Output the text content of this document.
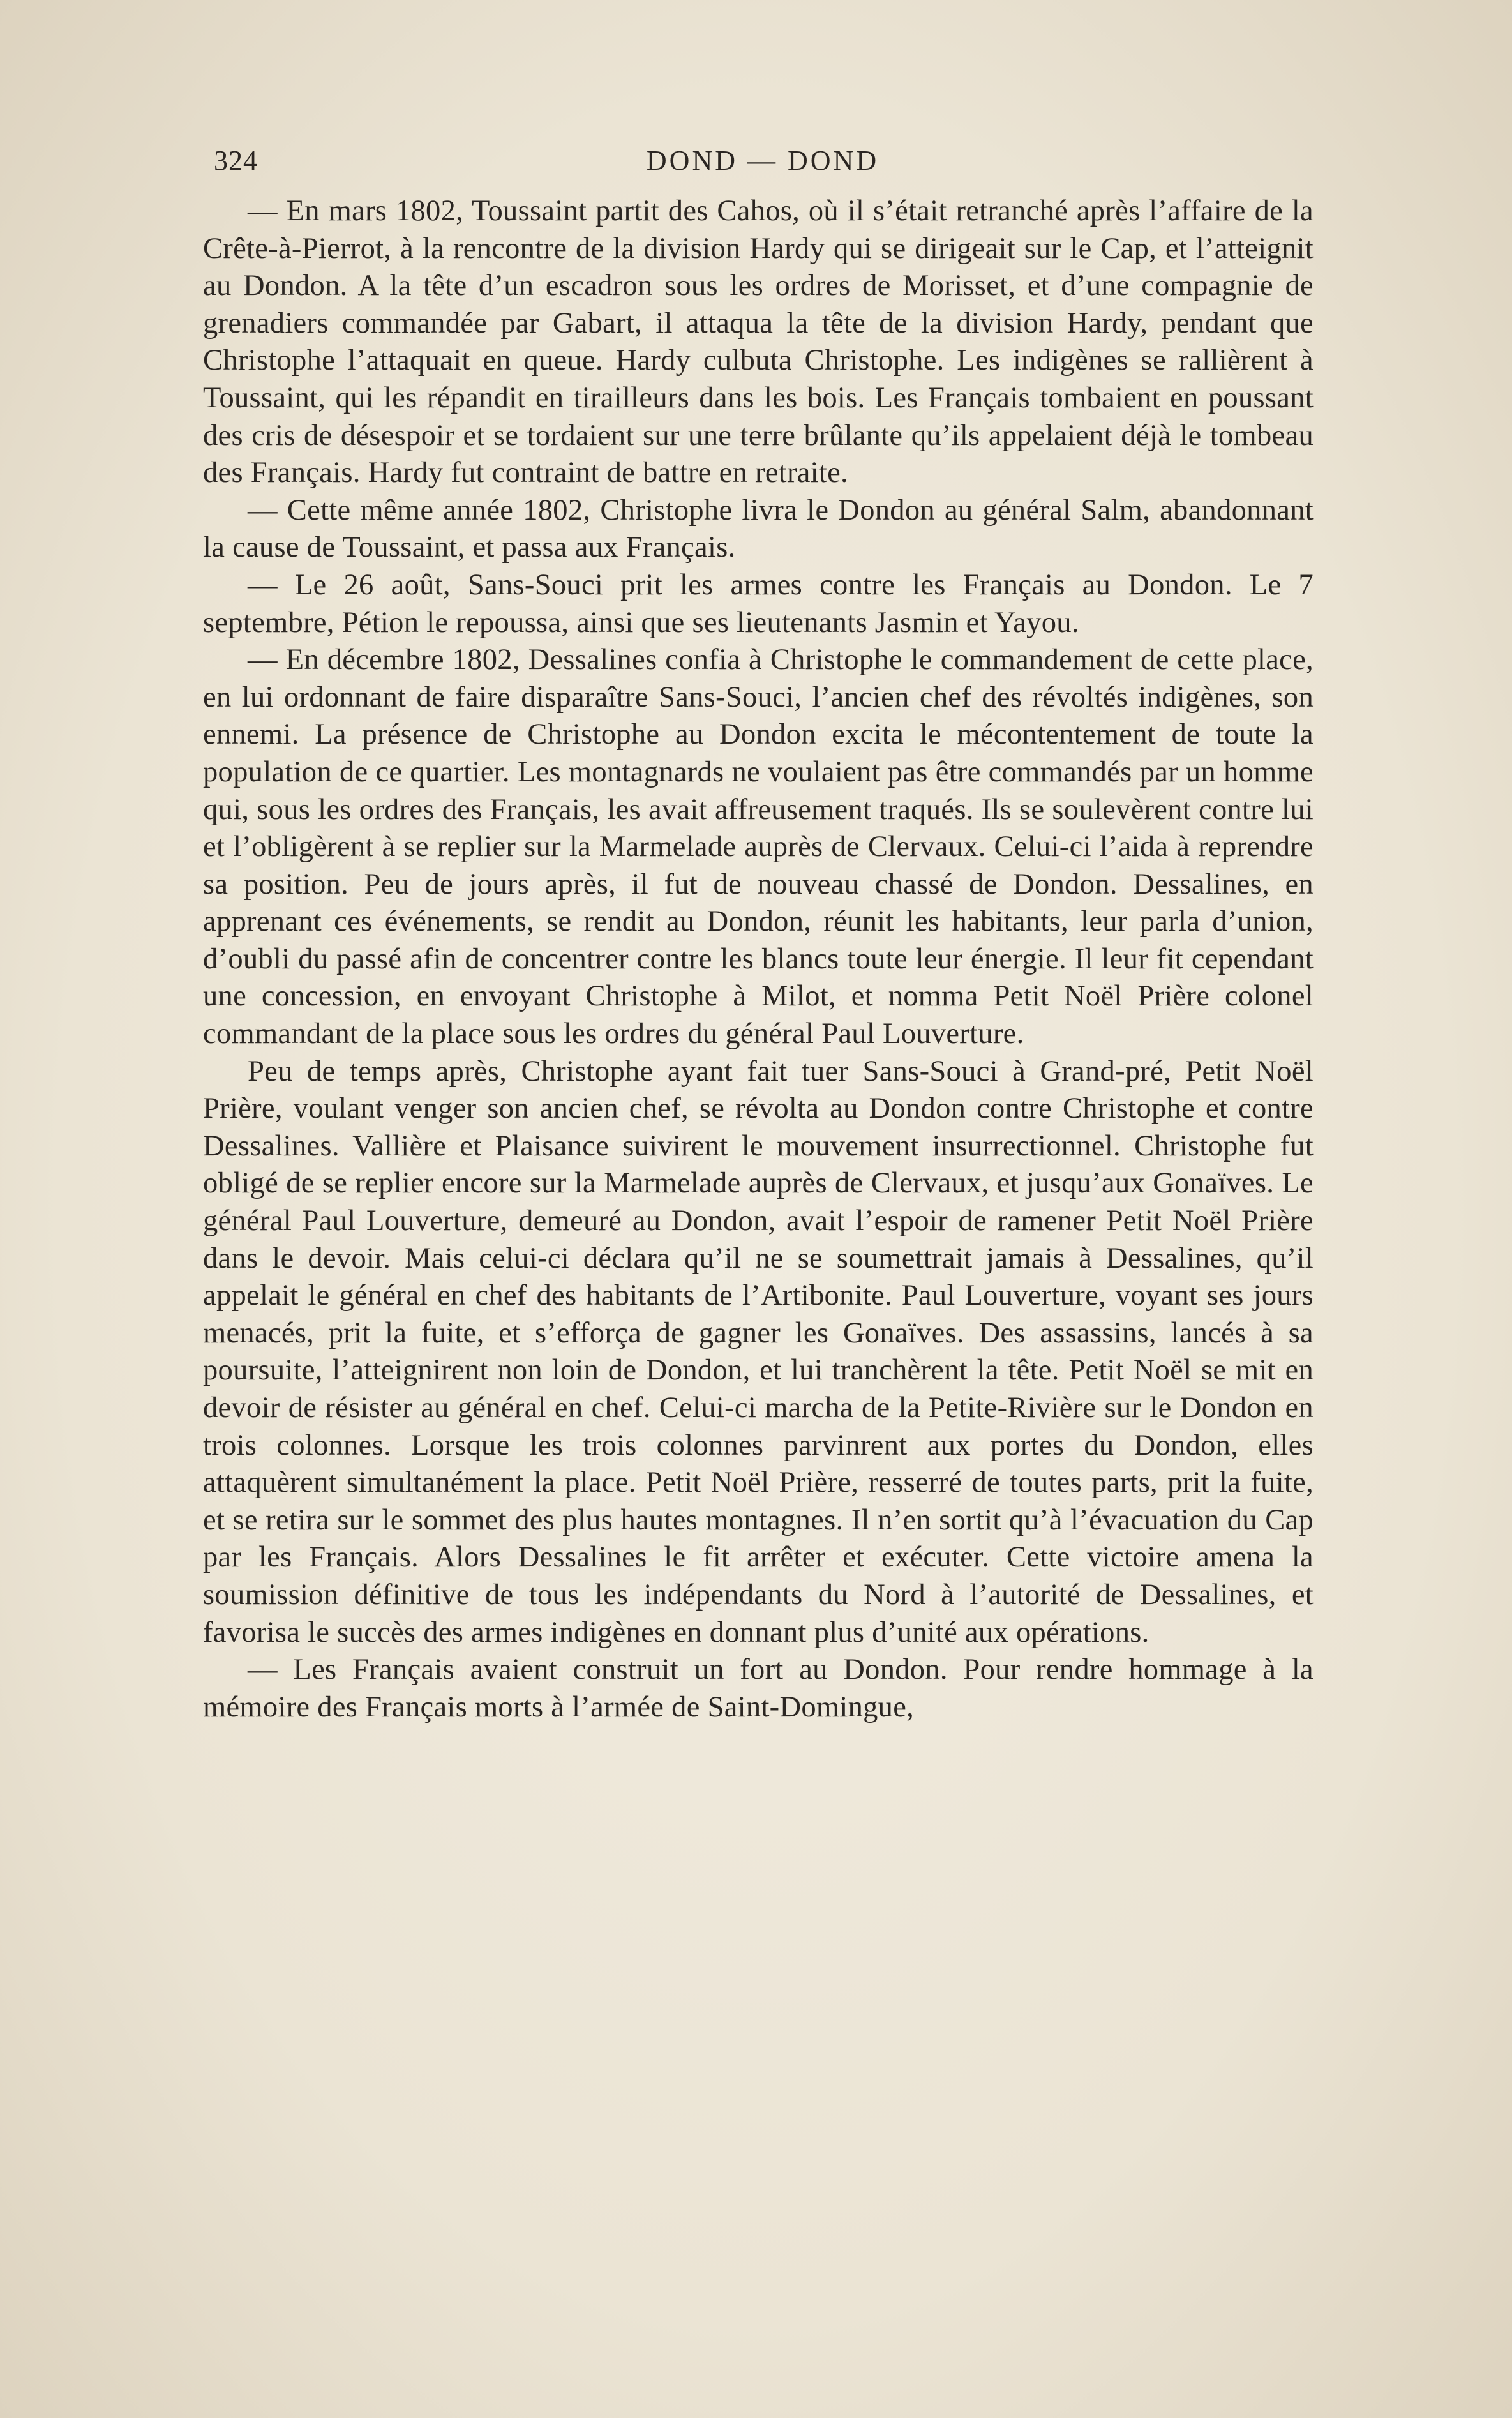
324	DOND — DOND

— En mars 1802, Toussaint partit des Cahos, où il s’était retranché après l’affaire de la Crête-à-Pierrot, à la rencontre de la division Hardy qui se dirigeait sur le Cap, et l’atteignit au Dondon. A la tête d’un escadron sous les ordres de Morisset, et d’une compagnie de grenadiers commandée par Gabart, il attaqua la tête de la division Hardy, pendant que Christophe l’attaquait en queue. Hardy culbuta Christophe. Les indigènes se rallièrent à Toussaint, qui les répandit en tirailleurs dans les bois. Les Français tombaient en poussant des cris de désespoir et se tordaient sur une terre brûlante qu’ils appelaient déjà le tombeau des Français. Hardy fut contraint de battre en retraite.

— Cette même année 1802, Christophe livra le Dondon au général Salm, abandonnant la cause de Toussaint, et passa aux Français.

— Le 26 août, Sans-Souci prit les armes contre les Français au Dondon. Le 7 septembre, Pétion le repoussa, ainsi que ses lieutenants Jasmin et Yayou.

— En décembre 1802, Dessalines confia à Christophe le commandement de cette place, en lui ordonnant de faire disparaître Sans-Souci, l’ancien chef des révoltés indigènes, son ennemi. La présence de Christophe au Dondon excita le mécontentement de toute la population de ce quartier. Les montagnards ne voulaient pas être commandés par un homme qui, sous les ordres des Français, les avait affreusement traqués. Ils se soulevèrent contre lui et l’obligèrent à se replier sur la Marmelade auprès de Clervaux. Celui-ci l’aida à reprendre sa position. Peu de jours après, il fut de nouveau chassé de Dondon. Dessalines, en apprenant ces événements, se rendit au Dondon, réunit les habitants, leur parla d’union, d’oubli du passé afin de concentrer contre les blancs toute leur énergie. Il leur fit cependant une concession, en envoyant Christophe à Milot, et nomma Petit Noël Prière colonel commandant de la place sous les ordres du général Paul Louverture.

Peu de temps après, Christophe ayant fait tuer Sans-Souci à Grand-pré, Petit Noël Prière, voulant venger son ancien chef, se révolta au Dondon contre Christophe et contre Dessalines. Vallière et Plaisance suivirent le mouvement insurrectionnel. Christophe fut obligé de se replier encore sur la Marmelade auprès de Clervaux, et jusqu’aux Gonaïves. Le général Paul Louverture, demeuré au Dondon, avait l’espoir de ramener Petit Noël Prière dans le devoir. Mais celui-ci déclara qu’il ne se soumettrait jamais à Dessalines, qu’il appelait le général en chef des habitants de l’Artibonite. Paul Louverture, voyant ses jours menacés, prit la fuite, et s’efforça de gagner les Gonaïves. Des assassins, lancés à sa poursuite, l’atteignirent non loin de Dondon, et lui tranchèrent la tête. Petit Noël se mit en devoir de résister au général en chef. Celui-ci marcha de la Petite-Rivière sur le Dondon en trois colonnes. Lorsque les trois colonnes parvinrent aux portes du Dondon, elles attaquèrent simultanément la place. Petit Noël Prière, resserré de toutes parts, prit la fuite, et se retira sur le sommet des plus hautes montagnes. Il n’en sortit qu’à l’évacuation du Cap par les Français. Alors Dessalines le fit arrêter et exécuter. Cette victoire amena la soumission définitive de tous les indépendants du Nord à l’autorité de Dessalines, et favorisa le succès des armes indigènes en donnant plus d’unité aux opérations.

— Les Français avaient construit un fort au Dondon. Pour rendre hommage à la mémoire des Français morts à l’armée de Saint-Domingue,
